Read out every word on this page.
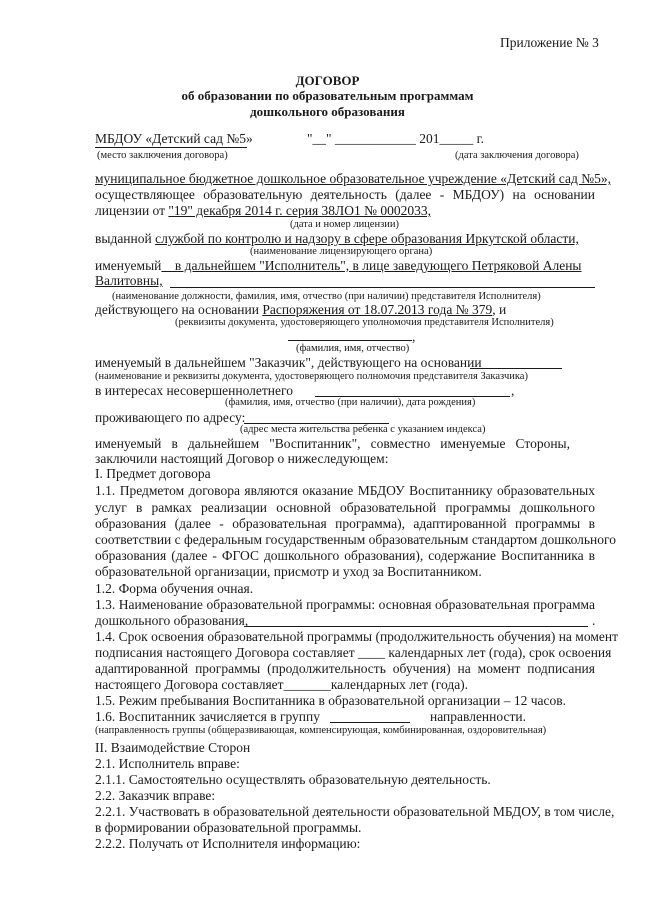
Приложение № 3
ДОГОВОР
об образовании по образовательным программам
дошкольного образования
МБДОУ «Детский сад №5»	"__" ____________ 201_____ г.
(место заключения договора)	(дата заключения договора)
муниципальное бюджетное дошкольное образовательное учреждение «Детский сад №5»,
осуществляющее образовательную деятельность (далее - МБДОУ) на основании
лицензии от "19" декабря 2014 г. серия 38ЛО1 № 0002033,
(дата и номер лицензии)
выданной службой по контролю и надзору в сфере образования Иркутской области,
(наименование лицензирующего органа)
именуемый    в дальнейшем "Исполнитель", в лице заведующего Петряковой Алены
Валитовны,
(наименование должности, фамилия, имя, отчество (при наличии) представителя Исполнителя)
действующего на основании Распоряжения от 18.07.2013 года № 379, и
(реквизиты документа, удостоверяющего уполномочия представителя Исполнителя)
,
(фамилия, имя, отчество)
именуемый в дальнейшем "Заказчик", действующего на основании
(наименование и реквизиты документа, удостоверяющего полномочия представителя Заказчика)
в интересах несовершеннолетнего	,
(фамилия, имя, отчество (при наличии), дата рождения)
проживающего по адресу:
(адрес места жительства ребенка с указанием индекса)
именуемый в дальнейшем "Воспитанник", совместно именуемые Стороны,
заключили настоящий Договор о нижеследующем:
I. Предмет договора
1.1. Предметом договора являются оказание МБДОУ Воспитаннику образовательных
услуг в рамках реализации основной образовательной программы дошкольного
образования (далее - образовательная программа), адаптированной программы в
соответствии с федеральным государственным образовательным стандартом дошкольного
образования (далее - ФГОС дошкольного образования), содержание Воспитанника в
образовательной организации, присмотр и уход за Воспитанником.
1.2. Форма обучения очная.
1.3. Наименование образовательной программы: основная образовательная программа
дошкольного образования,	.
1.4. Срок освоения образовательной программы (продолжительность обучения) на момент
подписания настоящего Договора составляет ____ календарных лет (года), срок освоения
адаптированной программы (продолжительность обучения) на момент подписания
настоящего Договора составляет_______календарных лет (года).
1.5. Режим пребывания Воспитанника в образовательной организации – 12 часов.
1.6. Воспитанник зачисляется в группу	направленности.
(направленность группы (общеразвивающая, компенсирующая, комбинированная, оздоровительная)
II. Взаимодействие Сторон
2.1. Исполнитель вправе:
2.1.1. Самостоятельно осуществлять образовательную деятельность.
2.2. Заказчик вправе:
2.2.1. Участвовать в образовательной деятельности образовательной МБДОУ, в том числе,
в формировании образовательной программы.
2.2.2. Получать от Исполнителя информацию:
